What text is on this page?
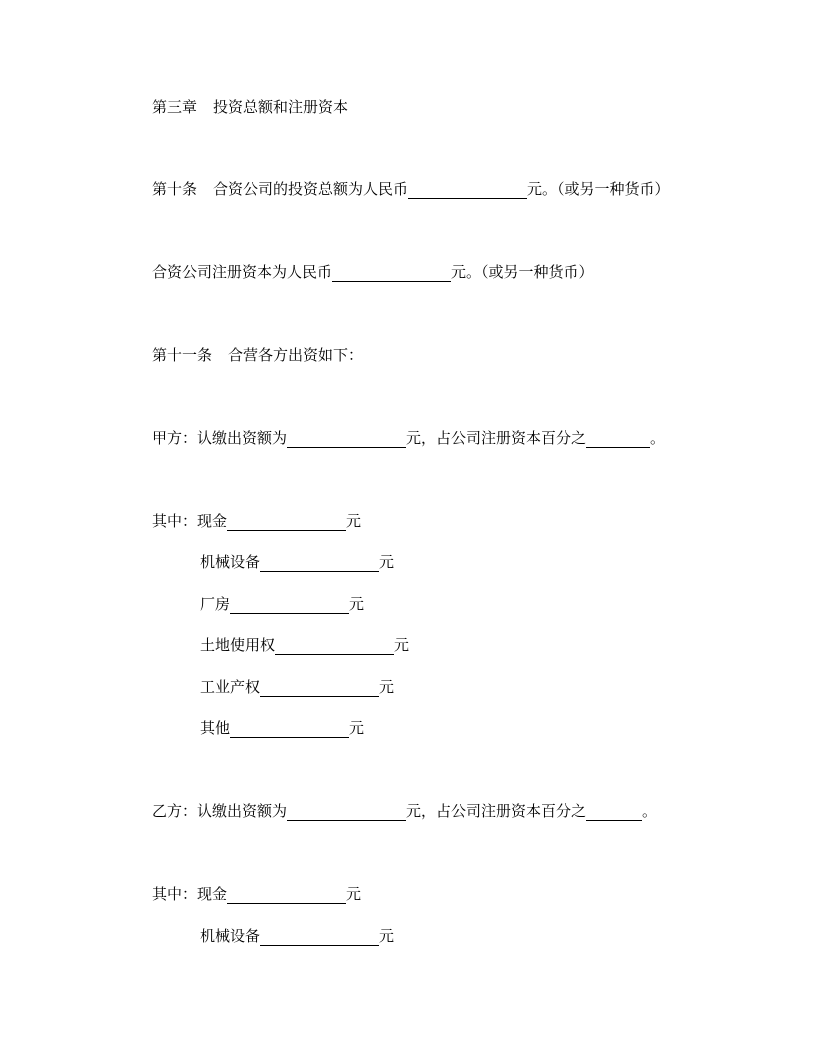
第三章 投资总额和注册资本
第十条 合资公司的投资总额为人民币	元。（或另一种货币）
合资公司注册资本为人民币	元。（或另一种货币）
第十一条 合营各方出资如下：
甲方：认缴出资额为	元，占公司注册资本百分之	。
其中：现金	元
机械设备	元
厂房	元
土地使用权	元
工业产权	元
其他	元
乙方：认缴出资额为	元，占公司注册资本百分之	。
其中：现金	元
机械设备	元
